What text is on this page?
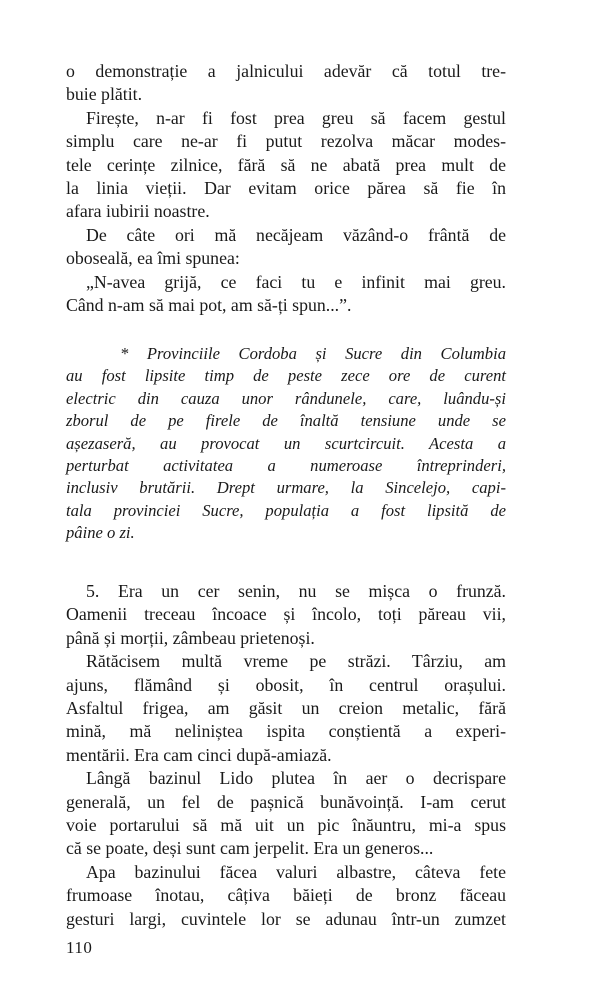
o demonstrație a jalnicului adevăr că totul tre-
buie plătit.
Firește, n-ar fi fost prea greu să facem gestul
simplu care ne-ar fi putut rezolva măcar modes-
tele cerințe zilnice, fără să ne abată prea mult de
la linia vieții. Dar evitam orice părea să fie în
afara iubirii noastre.
De câte ori mă necăjeam văzând-o frântă de
oboseală, ea îmi spunea:
„N-avea grijă, ce faci tu e infinit mai greu.
Când n-am să mai pot, am să-ți spun...”.
* Provinciile Cordoba și Sucre din Columbia
au fost lipsite timp de peste zece ore de curent
electric din cauza unor rândunele, care, luându-și
zborul de pe firele de înaltă tensiune unde se
așezaseră, au provocat un scurtcircuit. Acesta a
perturbat activitatea a numeroase întreprinderi,
inclusiv brutării. Drept urmare, la Sincelejo, capi-
tala provinciei Sucre, populația a fost lipsită de
pâine o zi.
5. Era un cer senin, nu se mișca o frunză.
Oamenii treceau încoace și încolo, toți păreau vii,
până și morții, zâmbeau prietenoși.
Rătăcisem multă vreme pe străzi. Târziu, am
ajuns, flămând și obosit, în centrul orașului.
Asfaltul frigea, am găsit un creion metalic, fără
mină, mă neliniștea ispita conștientă a experi-
mentării. Era cam cinci după-amiază.
Lângă bazinul Lido plutea în aer o decrispare
generală, un fel de pașnică bunăvoință. I-am cerut
voie portarului să mă uit un pic înăuntru, mi-a spus
că se poate, deși sunt cam jerpelit. Era un generos...
Apa bazinului făcea valuri albastre, câteva fete
frumoase înotau, câțiva băieți de bronz făceau
gesturi largi, cuvintele lor se adunau într-un zumzet
110
